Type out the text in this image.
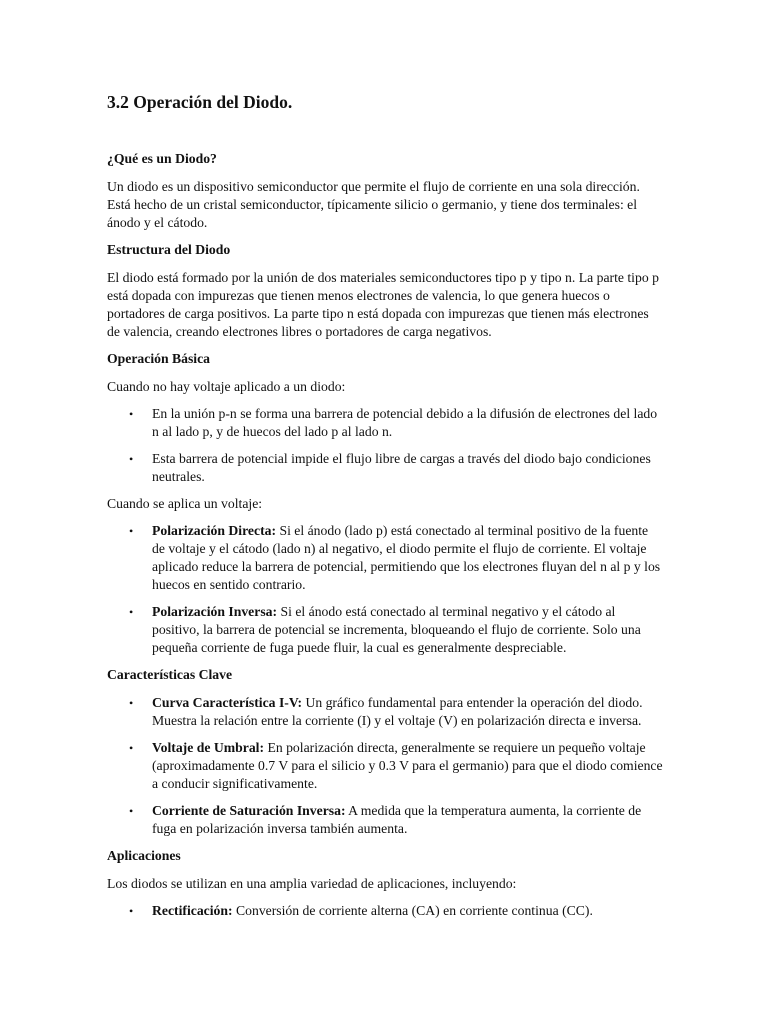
3.2 Operación del Diodo.

¿Qué es un Diodo?

Un diodo es un dispositivo semiconductor que permite el flujo de corriente en una sola dirección. Está hecho de un cristal semiconductor, típicamente silicio o germanio, y tiene dos terminales: el ánodo y el cátodo.

Estructura del Diodo

El diodo está formado por la unión de dos materiales semiconductores tipo p y tipo n. La parte tipo p está dopada con impurezas que tienen menos electrones de valencia, lo que genera huecos o portadores de carga positivos. La parte tipo n está dopada con impurezas que tienen más electrones de valencia, creando electrones libres o portadores de carga negativos.

Operación Básica

Cuando no hay voltaje aplicado a un diodo:

• En la unión p-n se forma una barrera de potencial debido a la difusión de electrones del lado n al lado p, y de huecos del lado p al lado n.
• Esta barrera de potencial impide el flujo libre de cargas a través del diodo bajo condiciones neutrales.

Cuando se aplica un voltaje:

• Polarización Directa: Si el ánodo (lado p) está conectado al terminal positivo de la fuente de voltaje y el cátodo (lado n) al negativo, el diodo permite el flujo de corriente. El voltaje aplicado reduce la barrera de potencial, permitiendo que los electrones fluyan del n al p y los huecos en sentido contrario.
• Polarización Inversa: Si el ánodo está conectado al terminal negativo y el cátodo al positivo, la barrera de potencial se incrementa, bloqueando el flujo de corriente. Solo una pequeña corriente de fuga puede fluir, la cual es generalmente despreciable.

Características Clave

• Curva Característica I-V: Un gráfico fundamental para entender la operación del diodo. Muestra la relación entre la corriente (I) y el voltaje (V) en polarización directa e inversa.
• Voltaje de Umbral: En polarización directa, generalmente se requiere un pequeño voltaje (aproximadamente 0.7 V para el silicio y 0.3 V para el germanio) para que el diodo comience a conducir significativamente.
• Corriente de Saturación Inversa: A medida que la temperatura aumenta, la corriente de fuga en polarización inversa también aumenta.

Aplicaciones

Los diodos se utilizan en una amplia variedad de aplicaciones, incluyendo:

• Rectificación: Conversión de corriente alterna (CA) en corriente continua (CC).
